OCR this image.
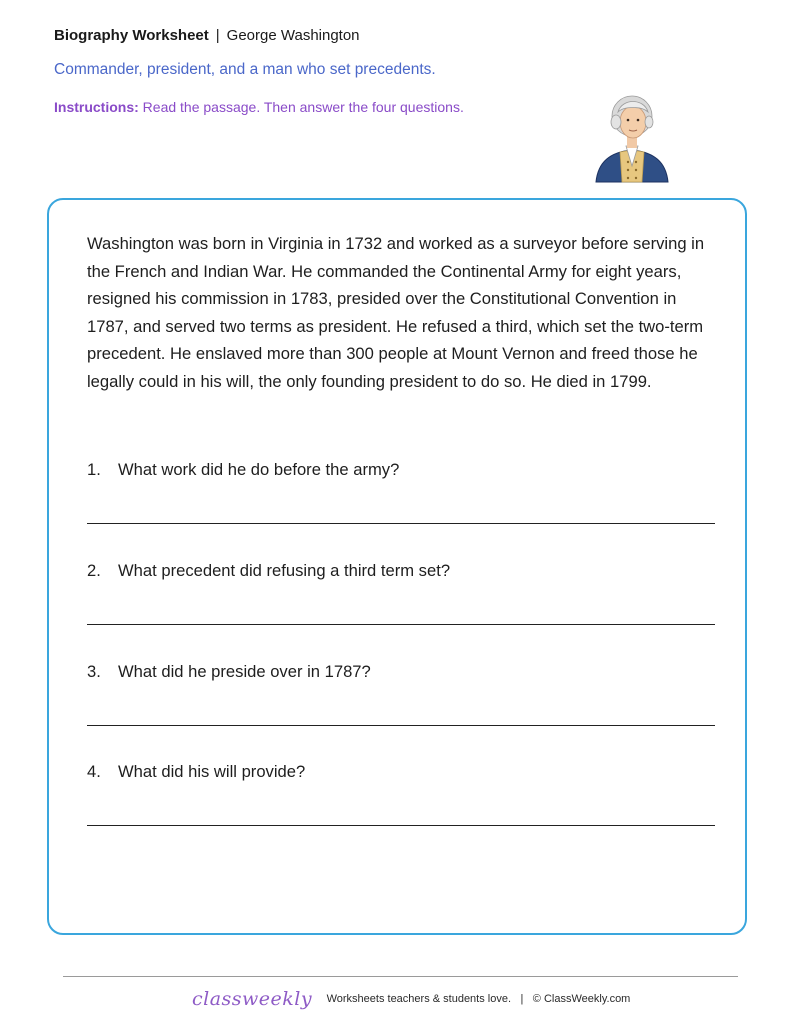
Biography Worksheet | George Washington
Commander, president, and a man who set precedents.
Instructions: Read the passage. Then answer the four questions.

Washington was born in Virginia in 1732 and worked as a surveyor before serving in the French and Indian War. He commanded the Continental Army for eight years, resigned his commission in 1783, presided over the Constitutional Convention in 1787, and served two terms as president. He refused a third, which set the two-term precedent. He enslaved more than 300 people at Mount Vernon and freed those he legally could in his will, the only founding president to do so. He died in 1799.

1. What work did he do before the army?
2. What precedent did refusing a third term set?
3. What did he preside over in 1787?
4. What did his will provide?
classweekly Worksheets teachers & students love. | © ClassWeekly.com
